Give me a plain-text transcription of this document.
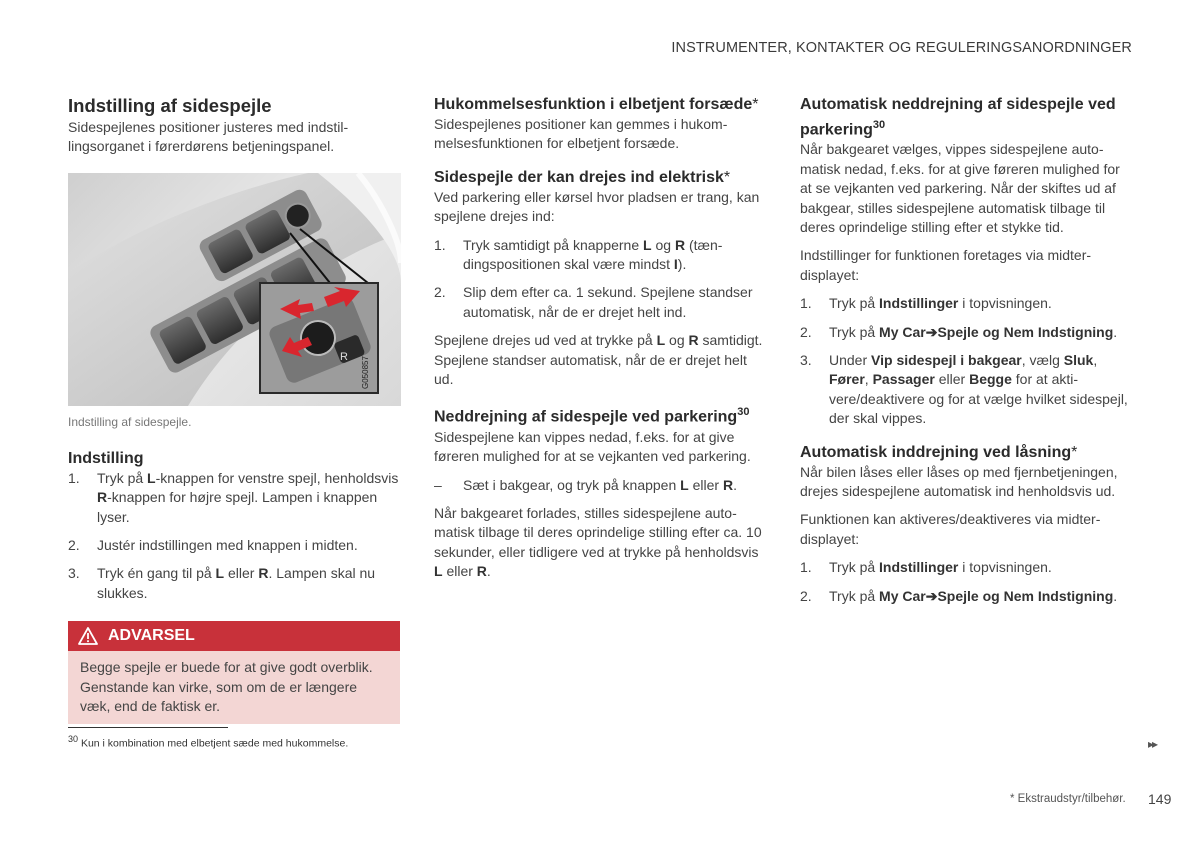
INSTRUMENTER, KONTAKTER OG REGULERINGSANORDNINGER
Indstilling af sidespejle

Sidespejlenes positioner justeres med indstillingsorganet i førerdørens betjeningspanel.

R G050857
Indstilling af sidespejle.
Indstilling
1. Tryk på L-knappen for venstre spejl, henholdsvis R-knappen for højre spejl. Lampen i knappen lyser.
2. Justér indstillingen med knappen i midten.
3. Tryk én gang til på L eller R. Lampen skal nu slukkes.
ADVARSEL
Begge spejle er buede for at give godt overblik. Genstande kan virke, som om de er længere væk, end de faktisk er.
Hukommelsesfunktion i elbetjent forsæde*

Sidespejlenes positioner kan gemmes i hukommelsesfunktionen for elbetjent forsæde.

Sidespejle der kan drejes ind elektrisk*

Ved parkering eller kørsel hvor pladsen er trang, kan spejlene drejes ind:

1. Tryk samtidigt på knapperne L og R (tændingspositionen skal være mindst I).
2. Slip dem efter ca. 1 sekund. Spejlene standser automatisk, når de er drejet helt ind.

Spejlene drejes ud ved at trykke på L og R samtidigt. Spejlene standser automatisk, når de er drejet helt ud.

Neddrejning af sidespejle ved parkering$^{30}$

Sidespejlene kan vippes nedad, f.eks. for at give føreren mulighed for at se vejkanten ved parkering.

– Sæt i bakgear, og tryk på knappen L eller R.

Når bakgearet forlades, stilles sidespejlene automatisk tilbage til deres oprindelige stilling efter ca. 10 sekunder, eller tidligere ved at trykke på henholdsvis L eller R.

Automatisk neddrejning af sidespejle ved parkering$^{30}$

Når bakgearet vælges, vippes sidespejlene automatisk nedad, f.eks. for at give føreren mulighed for at se vejkanten ved parkering. Når der skiftes ud af bakgear, stilles sidespejlene automatisk tilbage til deres oprindelige stilling efter et stykke tid.

Indstillinger for funktionen foretages via midterdisplayet:

1. Tryk på Indstillinger i topvisningen.
2. Tryk på My Car➔Spejle og Nem Indstigning.
3. Under Vip sidespejl i bakgear, vælg Sluk, Fører, Passager eller Begge for at aktivere/deaktivere og for at vælge hvilket sidespejl, der skal vippes.
Automatisk inddrejning ved låsning*

Når bilen låses eller låses op med fjernbetjeningen, drejes sidespejlene automatisk ind henholdsvis ud.

Funktionen kan aktiveres/deaktiveres via midterdisplayet:

1. Tryk på Indstillinger i topvisningen.
2. Tryk på My Car➔Spejle og Nem Indstigning.
$^{30}$ Kun i kombination med elbetjent sæde med hukommelse.	▸▸
* Ekstraudstyr/tilbehør. 149
